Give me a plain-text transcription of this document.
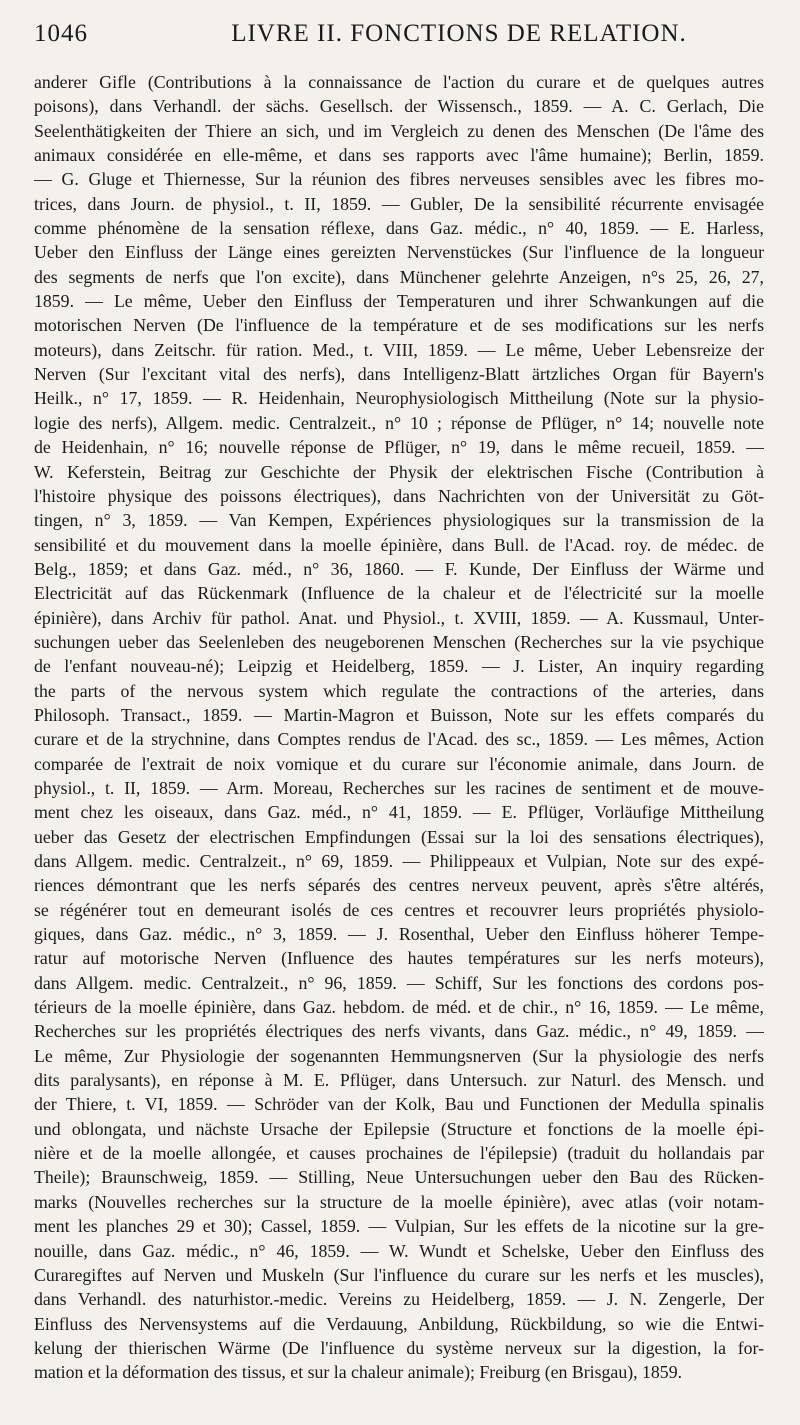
1046	LIVRE II. FONCTIONS DE RELATION.
anderer Gifle (Contributions à la connaissance de l'action du curare et de quelques autres
poisons), dans Verhandl. der sächs. Gesellsch. der Wissensch., 1859. — A. C. Gerlach, Die
Seelenthätigkeiten der Thiere an sich, und im Vergleich zu denen des Menschen (De l'âme des
animaux considérée en elle-même, et dans ses rapports avec l'âme humaine); Berlin, 1859.
— G. Gluge et Thiernesse, Sur la réunion des fibres nerveuses sensibles avec les fibres mo-
trices, dans Journ. de physiol., t. II, 1859. — Gubler, De la sensibilité récurrente envisagée
comme phénomène de la sensation réflexe, dans Gaz. médic., n° 40, 1859. — E. Harless,
Ueber den Einfluss der Länge eines gereizten Nervenstückes (Sur l'influence de la longueur
des segments de nerfs que l'on excite), dans Münchener gelehrte Anzeigen, n°s 25, 26, 27,
1859. — Le même, Ueber den Einfluss der Temperaturen und ihrer Schwankungen auf die
motorischen Nerven (De l'influence de la température et de ses modifications sur les nerfs
moteurs), dans Zeitschr. für ration. Med., t. VIII, 1859. — Le même, Ueber Lebensreize der
Nerven (Sur l'excitant vital des nerfs), dans Intelligenz-Blatt ärtzliches Organ für Bayern's
Heilk., n° 17, 1859. — R. Heidenhain, Neurophysiologisch Mittheilung (Note sur la physio-
logie des nerfs), Allgem. medic. Centralzeit., n° 10 ; réponse de Pflüger, n° 14; nouvelle note
de Heidenhain, n° 16; nouvelle réponse de Pflüger, n° 19, dans le même recueil, 1859. —
W. Keferstein, Beitrag zur Geschichte der Physik der elektrischen Fische (Contribution à
l'histoire physique des poissons électriques), dans Nachrichten von der Universität zu Göt-
tingen, n° 3, 1859. — Van Kempen, Expériences physiologiques sur la transmission de la
sensibilité et du mouvement dans la moelle épinière, dans Bull. de l'Acad. roy. de médec. de
Belg., 1859; et dans Gaz. méd., n° 36, 1860. — F. Kunde, Der Einfluss der Wärme und
Electricität auf das Rückenmark (Influence de la chaleur et de l'électricité sur la moelle
épinière), dans Archiv für pathol. Anat. und Physiol., t. XVIII, 1859. — A. Kussmaul, Unter-
suchungen ueber das Seelenleben des neugeborenen Menschen (Recherches sur la vie psychique
de l'enfant nouveau-né); Leipzig et Heidelberg, 1859. — J. Lister, An inquiry regarding
the parts of the nervous system which regulate the contractions of the arteries, dans
Philosoph. Transact., 1859. — Martin-Magron et Buisson, Note sur les effets comparés du
curare et de la strychnine, dans Comptes rendus de l'Acad. des sc., 1859. — Les mêmes, Action
comparée de l'extrait de noix vomique et du curare sur l'économie animale, dans Journ. de
physiol., t. II, 1859. — Arm. Moreau, Recherches sur les racines de sentiment et de mouve-
ment chez les oiseaux, dans Gaz. méd., n° 41, 1859. — E. Pflüger, Vorläufige Mittheilung
ueber das Gesetz der electrischen Empfindungen (Essai sur la loi des sensations électriques),
dans Allgem. medic. Centralzeit., n° 69, 1859. — Philippeaux et Vulpian, Note sur des expé-
riences démontrant que les nerfs séparés des centres nerveux peuvent, après s'être altérés,
se régénérer tout en demeurant isolés de ces centres et recouvrer leurs propriétés physiolo-
giques, dans Gaz. médic., n° 3, 1859. — J. Rosenthal, Ueber den Einfluss höherer Tempe-
ratur auf motorische Nerven (Influence des hautes températures sur les nerfs moteurs),
dans Allgem. medic. Centralzeit., n° 96, 1859. — Schiff, Sur les fonctions des cordons pos-
térieurs de la moelle épinière, dans Gaz. hebdom. de méd. et de chir., n° 16, 1859. — Le même,
Recherches sur les propriétés électriques des nerfs vivants, dans Gaz. médic., n° 49, 1859. —
Le même, Zur Physiologie der sogenannten Hemmungsnerven (Sur la physiologie des nerfs
dits paralysants), en réponse à M. E. Pflüger, dans Untersuch. zur Naturl. des Mensch. und
der Thiere, t. VI, 1859. — Schröder van der Kolk, Bau und Functionen der Medulla spinalis
und oblongata, und nächste Ursache der Epilepsie (Structure et fonctions de la moelle épi-
nière et de la moelle allongée, et causes prochaines de l'épilepsie) (traduit du hollandais par
Theile); Braunschweig, 1859. — Stilling, Neue Untersuchungen ueber den Bau des Rücken-
marks (Nouvelles recherches sur la structure de la moelle épinière), avec atlas (voir notam-
ment les planches 29 et 30); Cassel, 1859. — Vulpian, Sur les effets de la nicotine sur la gre-
nouille, dans Gaz. médic., n° 46, 1859. — W. Wundt et Schelske, Ueber den Einfluss des
Curaregiftes auf Nerven und Muskeln (Sur l'influence du curare sur les nerfs et les muscles),
dans Verhandl. des naturhistor.-medic. Vereins zu Heidelberg, 1859. — J. N. Zengerle, Der
Einfluss des Nervensystems auf die Verdauung, Anbildung, Rückbildung, so wie die Entwi-
kelung der thierischen Wärme (De l'influence du système nerveux sur la digestion, la for-
mation et la déformation des tissus, et sur la chaleur animale); Freiburg (en Brisgau), 1859.
